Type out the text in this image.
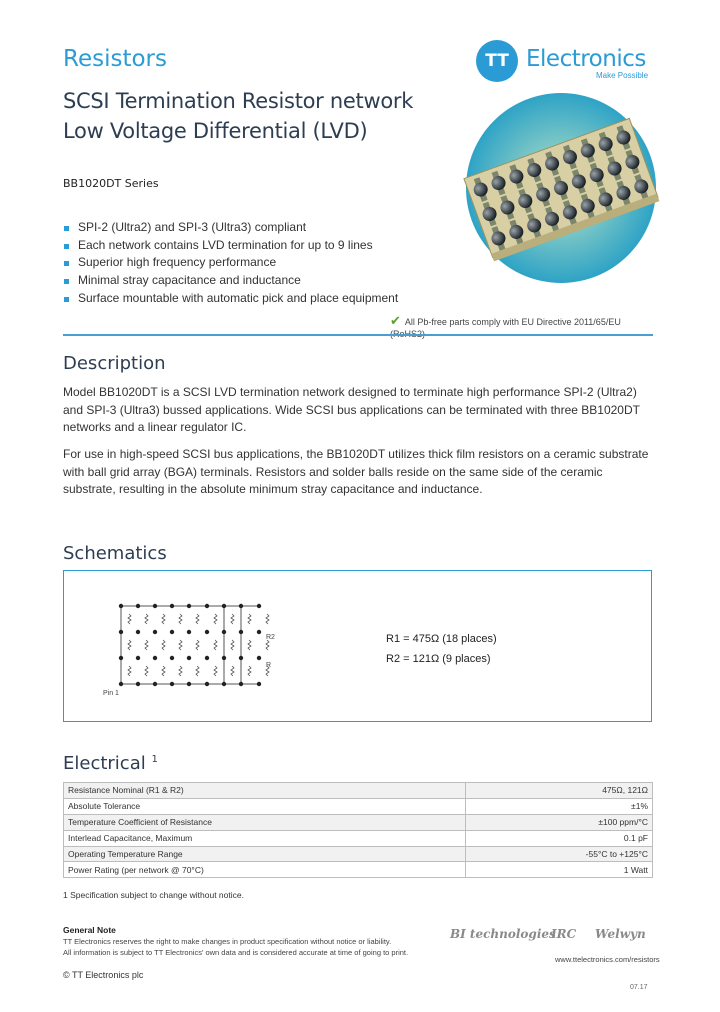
Resistors	TT Electronics
Make Possible
SCSI Termination Resistor network
Low Voltage Differential (LVD)
BB1020DT Series
SPI-2 (Ultra2) and SPI-3 (Ultra3) compliant
Each network contains LVD termination for up to 9 lines
Superior high frequency performance
Minimal stray capacitance and inductance
Surface mountable with automatic pick and place equipment
✔ All Pb-free parts comply with EU Directive 2011/65/EU
Description

Model BB1020DT is a SCSI LVD termination network designed to terminate high performance SPI-2 (Ultra2) and SPI-3 (Ultra3) bussed applications. Wide SCSI bus applications can be terminated with three BB1020DT networks and a linear regulator IC.

For use in high-speed SCSI bus applications, the BB1020DT utilizes thick film resistors on a ceramic substrate with ball grid array (BGA) terminals. Resistors and solder balls reside on the same side of the ceramic substrate, resulting in the absolute minimum stray capacitance and inductance.

Schematics
R2
R
Pin 1
R1 = 475Ω (18 places)
R2 = 121Ω (9 places)
Electrical $^1$
Resistance Nominal (R1 & R2)	475Ω, 121Ω
Absolute Tolerance	±1%
Temperature Coefficient of Resistance	±100 ppm/°C
Interlead Capacitance, Maximum	0.1 pF
Operating Temperature Range	-55°C to +125°C
Power Rating (per network @ 70°C)	1 Watt
1 Specification subject to change without notice.
General Note
TT Electronics reserves the right to make changes in product specification without notice or liability.
All information is subject to TT Electronics' own data and is considered accurate at time of going to print.
BI technologies
IRC Welwyn
www.ttelectronics.com/resistors
© TT Electronics plc
07.17
